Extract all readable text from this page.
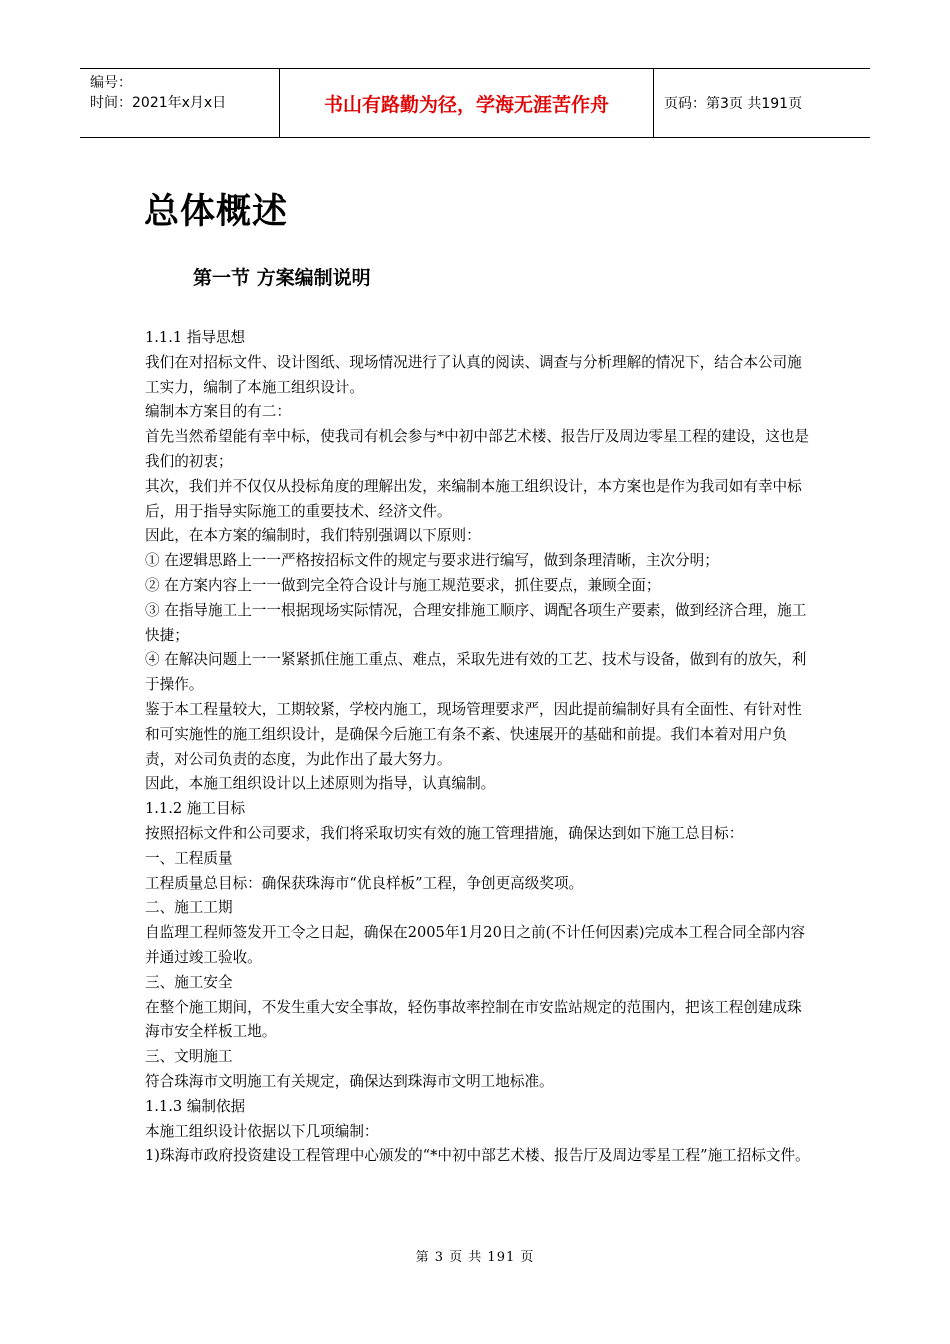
编号：
时间：2021年x月x日	书山有路勤为径，学海无涯苦作舟	页码：第3页 共191页
总体概述
第一节 方案编制说明

1.1.1 指导思想

我们在对招标文件、设计图纸、现场情况进行了认真的阅读、调查与分析理解的情况下，结合本公司施工实力，编制了本施工组织设计。

编制本方案目的有二：

首先当然希望能有幸中标，使我司有机会参与*中初中部艺术楼、报告厅及周边零星工程的建设，这也是我们的初衷；

其次，我们并不仅仅从投标角度的理解出发，来编制本施工组织设计，本方案也是作为我司如有幸中标后，用于指导实际施工的重要技术、经济文件。

因此，在本方案的编制时，我们特别强调以下原则：

① 在逻辑思路上一一严格按招标文件的规定与要求进行编写，做到条理清晰，主次分明；

② 在方案内容上一一做到完全符合设计与施工规范要求，抓住要点，兼顾全面；

③ 在指导施工上一一根据现场实际情况，合理安排施工顺序、调配各项生产要素，做到经济合理，施工快捷；

④ 在解决问题上一一紧紧抓住施工重点、难点，采取先进有效的工艺、技术与设备，做到有的放矢，利于操作。

鉴于本工程量较大，工期较紧，学校内施工，现场管理要求严，因此提前编制好具有全面性、有针对性和可实施性的施工组织设计，是确保今后施工有条不紊、快速展开的基础和前提。我们本着对用户负责，对公司负责的态度，为此作出了最大努力。

因此，本施工组织设计以上述原则为指导，认真编制。

1.1.2 施工目标

按照招标文件和公司要求，我们将采取切实有效的施工管理措施，确保达到如下施工总目标：

一、工程质量

工程质量总目标：确保获珠海市“优良样板”工程，争创更高级奖项。

二、施工工期

自监理工程师签发开工令之日起，确保在2005年1月20日之前(不计任何因素)完成本工程合同全部内容并通过竣工验收。

三、施工安全

在整个施工期间，不发生重大安全事故，轻伤事故率控制在市安监站规定的范围内，把该工程创建成珠海市安全样板工地。

三、文明施工

符合珠海市文明施工有关规定，确保达到珠海市文明工地标准。

1.1.3 编制依据

本施工组织设计依据以下几项编制：

1)珠海市政府投资建设工程管理中心颁发的“*中初中部艺术楼、报告厅及周边零星工程”施工招标文件。

第 3 页 共 191 页
